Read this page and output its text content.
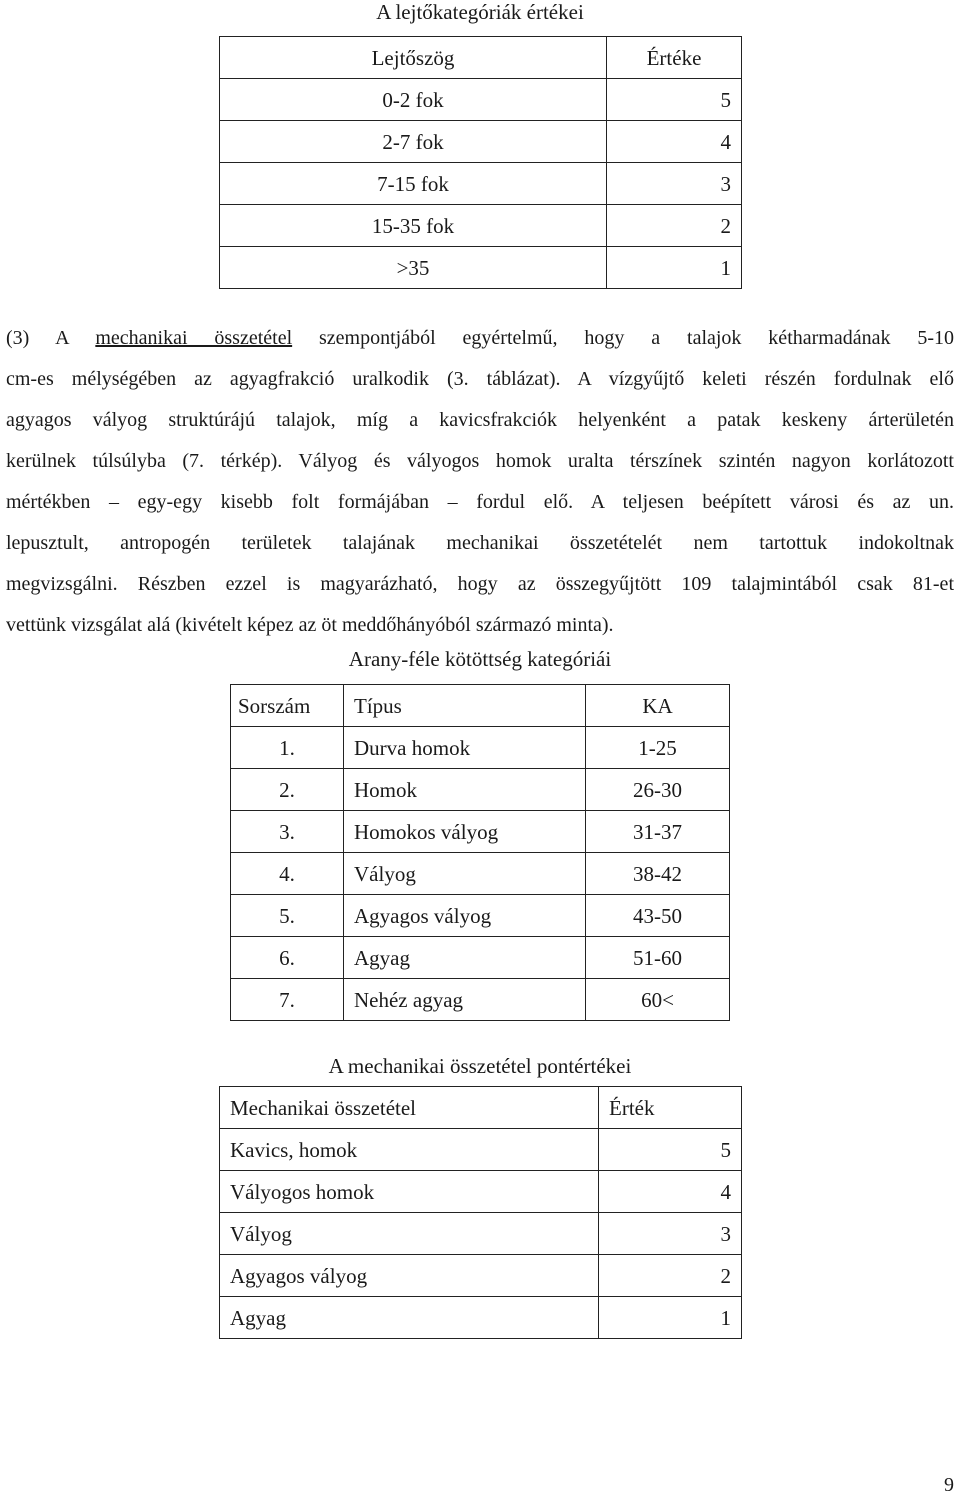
A lejtőkategóriák értékei
Lejtőszög	Értéke
0-2 fok	5
2-7 fok	4
7-15 fok	3
15-35 fok	2
>35	1
(3) A mechanikai összetétel szempontjából egyértelmű, hogy a talajok kétharmadának 5-10
cm-es mélységében az agyagfrakció uralkodik (3. táblázat). A vízgyűjtő keleti részén fordulnak elő
agyagos vályog struktúrájú talajok, míg a kavicsfrakciók helyenként a patak keskeny árterületén
kerülnek túlsúlyba (7. térkép). Vályog és vályogos homok uralta térszínek szintén nagyon korlátozott
mértékben – egy-egy kisebb folt formájában – fordul elő. A teljesen beépített városi és az un.
lepusztult, antropogén területek talajának mechanikai összetételét nem tartottuk indokoltnak
megvizsgálni. Részben ezzel is magyarázható, hogy az összegyűjtött 109 talajmintából csak 81-et
vettünk vizsgálat alá (kivételt képez az öt meddőhányóból származó minta).
Arany-féle kötöttség kategóriái
Sorszám	Típus	KA
1.	Durva homok	1-25
2.	Homok	26-30
3.	Homokos vályog	31-37
4.	Vályog	38-42
5.	Agyagos vályog	43-50
6.	Agyag	51-60
7.	Nehéz agyag	60<
A mechanikai összetétel pontértékei
Mechanikai összetétel	Érték
Kavics, homok	5
Vályogos homok	4
Vályog	3
Agyagos vályog	2
Agyag	1
9
